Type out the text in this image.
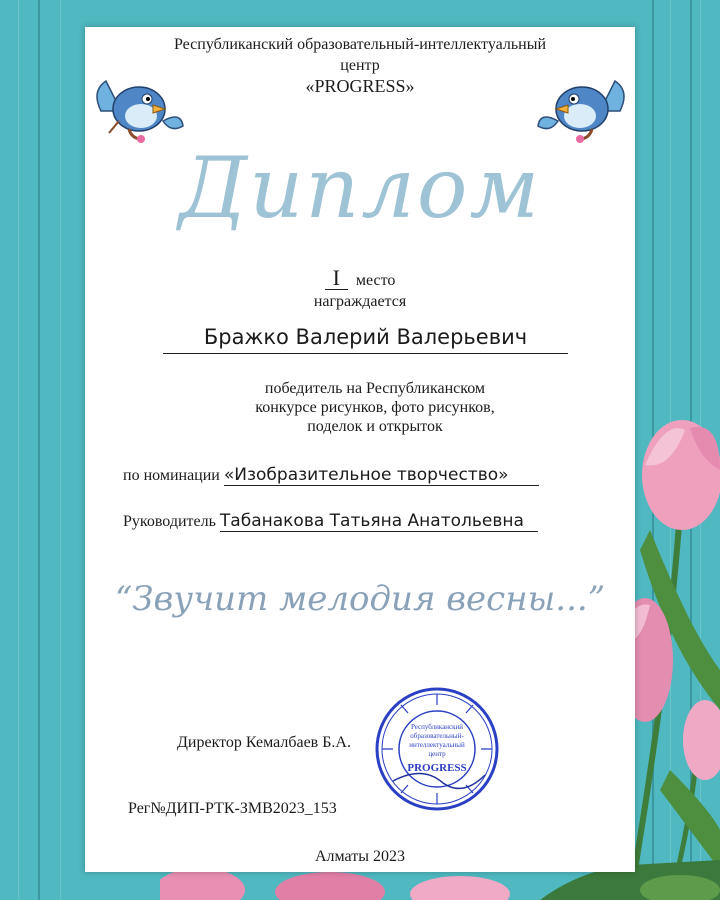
Республиканский образовательный-интеллектуальный
центр
«PROGRESS»
Диплом
I место
награждается
Бражко Валерий Валерьевич
победитель на Республиканском
конкурсе рисунков, фото рисунков,
поделок и открыток
по номинации «Изобразительное творчество»
Руководитель Табанакова Татьяна Анатольевна
“Звучит мелодия весны...”
Директор Кемалбаев Б.А.
Республиканский
образовательный-
интеллектуальный
центр
PROGRESS
Рег№ДИП-РТК-ЗМВ2023_153
Алматы 2023
